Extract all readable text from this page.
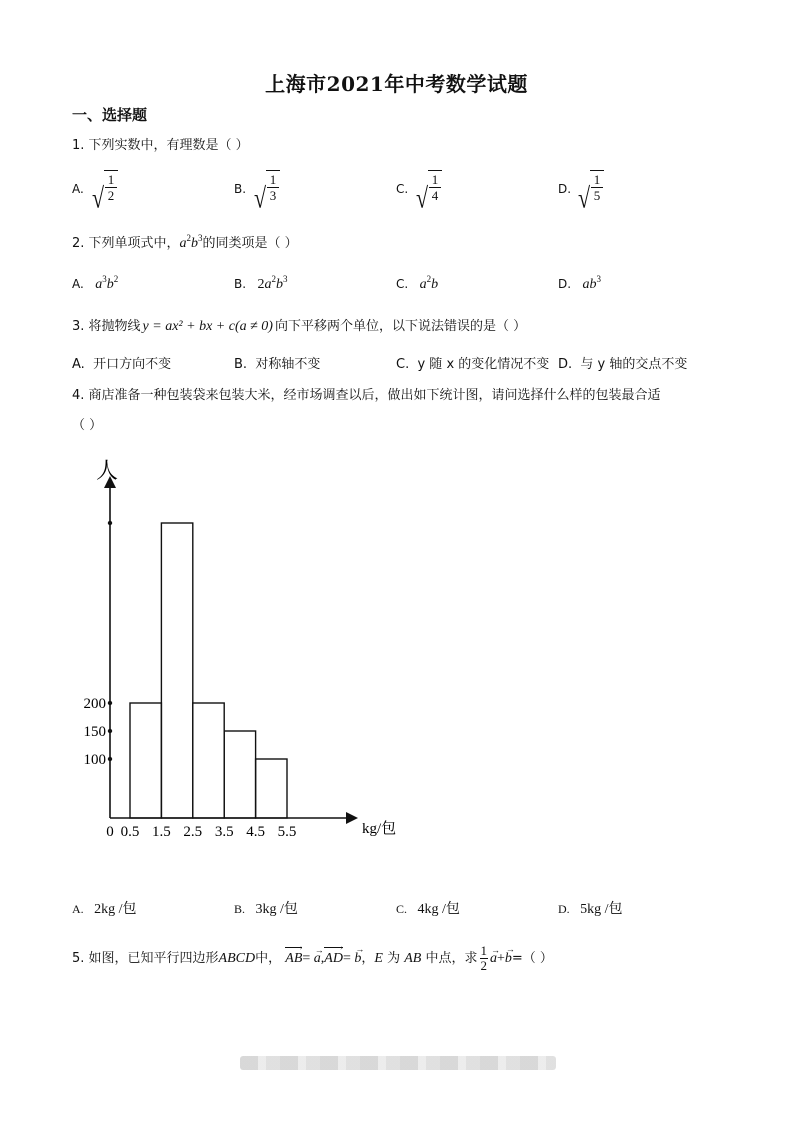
上海市2021年中考数学试题
一、选择题
1. 下列实数中，有理数是（ ）
A. √
1
2	B. √
1
3	C. √
1
4	D. √
1
5
2. 下列单项式中，$a^2b^3$的同类项是（ ）
A. $a^3b^2$	B. $2a^2b^3$	C. $a^2b$	D. $ab^3$
3. 将抛物线 y = ax² + bx + c(a ≠ 0) 向下平移两个单位，以下说法错误的是（ ）
A. 开口方向不变	B. 对称轴不变	C. y 随 x 的变化情况不变 D. 与 y 轴的交点不变
4. 商店准备一种包装袋来包装大米，经市场调查以后，做出如下统计图，请问选择什么样的包装最合适
（ ）
100
150
200
0 0.5 1.5 2.5 3.5 4.5 5.5
人
kg/包
A. 2kg /包	B. 3kg /包	C. 4kg /包	D. 5kg /包
5. 如图，已知平行四边形ABCD中，
›
AB=
→
a,
›
AD=
→
b，E 为 AB 中点，求 $\frac{1}{2}$ →
a+
→
b=（ ）
